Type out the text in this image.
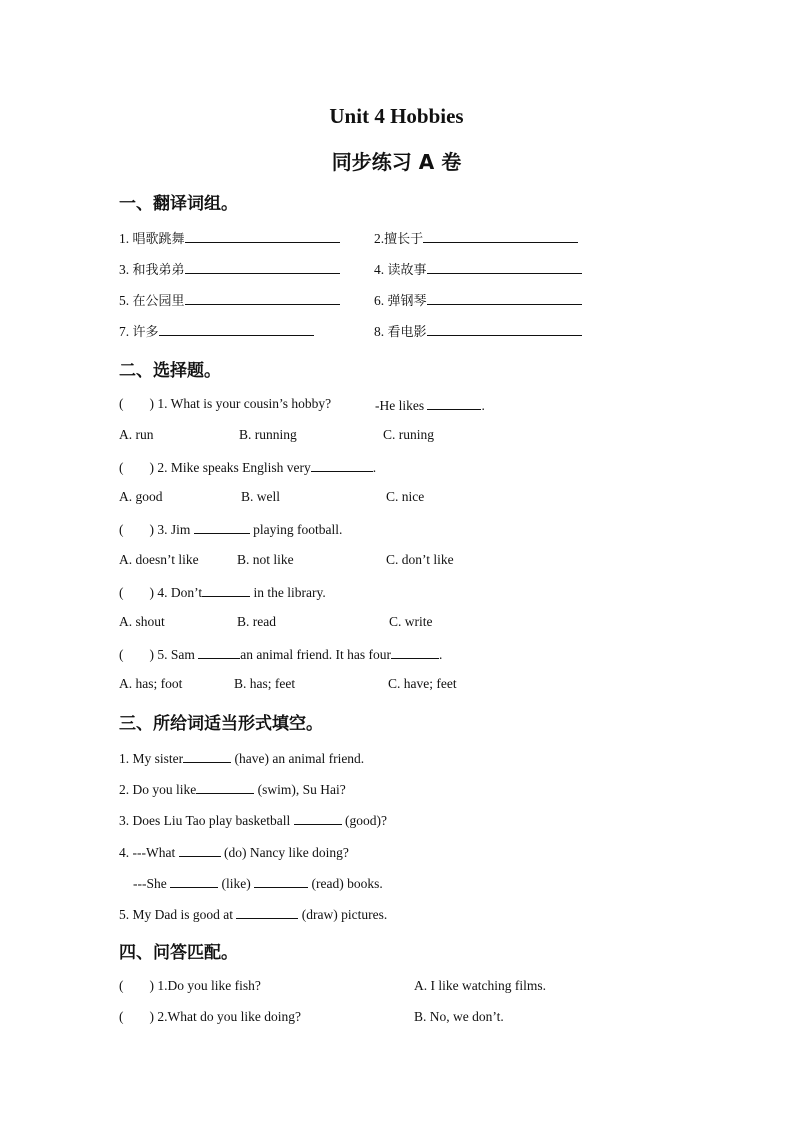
Unit 4 Hobbies
同步练习 A 卷
一、翻译词组。
1. 唱歌跳舞	2.擅长于
3. 和我弟弟	4. 读故事
5. 在公园里	6. 弹钢琴
7. 许多	8. 看电影
二、选择题。
( ) 1. What is your cousin’s hobby?	-He likes	.
A. run	B. running	C. runing
( ) 2. Mike speaks English very	.
A. good	B. well	C. nice
( ) 3. Jim	playing football.
A. doesn’t like	B. not like	C. don’t like
( ) 4. Don’t	in the library.
A. shout	B. read	C. write
( ) 5. Sam	an animal friend. It has four	.
A. has; foot	B. has; feet	C. have; feet
三、所给词适当形式填空。
1. My sister	(have) an animal friend.
2. Do you like	(swim), Su Hai?
3. Does Liu Tao play basketball	(good)?
4. ---What	(do) Nancy like doing?
---She	(like)	(read) books.
5. My Dad is good at	(draw) pictures.
四、问答匹配。
( ) 1.Do you like fish?	A. I like watching films.
( ) 2.What do you like doing?	B. No, we don’t.
